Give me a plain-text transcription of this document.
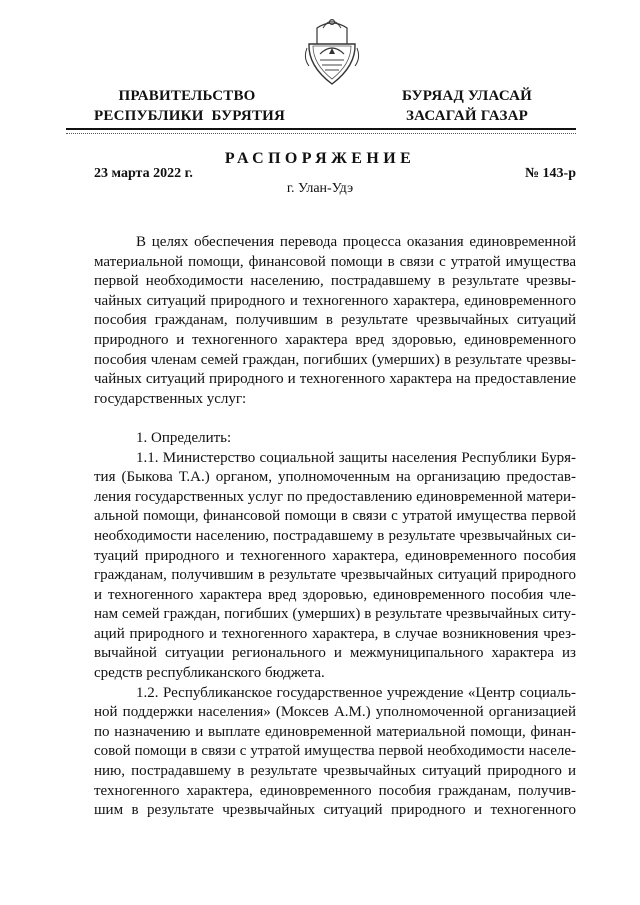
ПРАВИТЕЛЬСТВО
РЕСПУБЛИКИ  БУРЯТИЯ
БУРЯАД УЛАСАЙ
ЗАСАГАЙ ГАЗАР
РАСПОРЯЖЕНИЕ
23 марта 2022 г.	№ 143-р
г. Улан-Удэ
В целях обеспечения перевода процесса оказания единовременной
материальной помощи, финансовой помощи в связи с утратой имущества
первой необходимости населению, пострадавшему в результате чрезвы-
чайных ситуаций природного и техногенного характера, единовременного
пособия гражданам, получившим в результате чрезвычайных ситуаций
природного и техногенного характера вред здоровью, единовременного
пособия членам семей граждан, погибших (умерших) в результате чрезвы-
чайных ситуаций природного и техногенного характера на предоставление
государственных услуг:
1. Определить:
1.1. Министерство социальной защиты населения Республики Буря-
тия (Быкова Т.А.) органом, уполномоченным на организацию предостав-
ления государственных услуг по предоставлению единовременной матери-
альной помощи, финансовой помощи в связи с утратой имущества первой
необходимости населению, пострадавшему в результате чрезвычайных си-
туаций природного и техногенного характера, единовременного пособия
гражданам, получившим в результате чрезвычайных ситуаций природного
и техногенного характера вред здоровью, единовременного пособия чле-
нам семей граждан, погибших (умерших) в результате чрезвычайных ситу-
аций природного и техногенного характера, в случае возникновения чрез-
вычайной ситуации регионального и межмуниципального характера из
средств республиканского бюджета.
1.2. Республиканское государственное учреждение «Центр социаль-
ной поддержки населения» (Моксев А.М.) уполномоченной организацией
по назначению и выплате единовременной материальной помощи, финан-
совой помощи в связи с утратой имущества первой необходимости населе-
нию, пострадавшему в результате чрезвычайных ситуаций природного и
техногенного характера, единовременного пособия гражданам, получив-
шим в результате чрезвычайных ситуаций природного и техногенного
